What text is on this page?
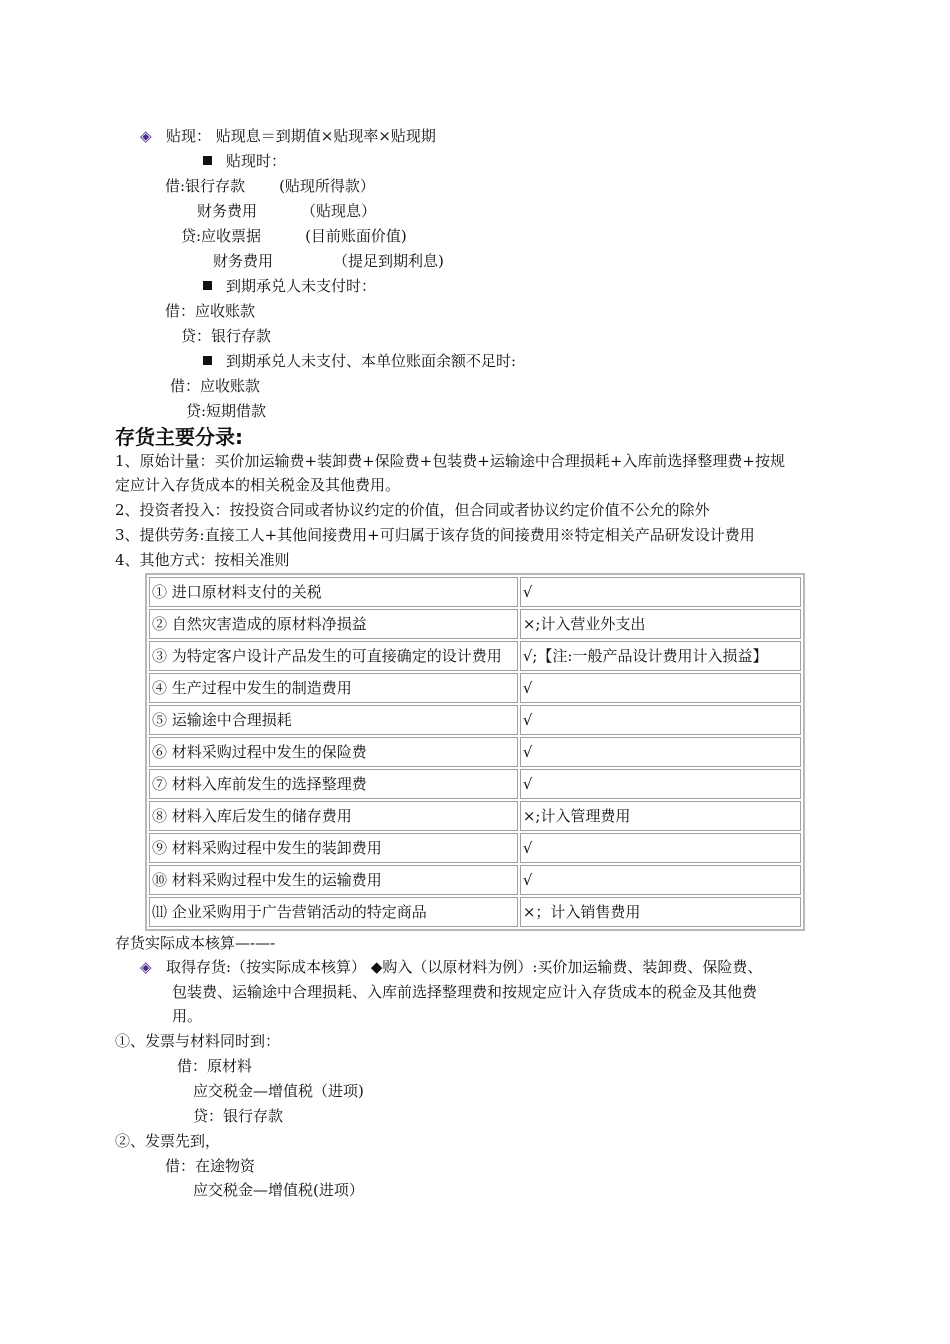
◈ 贴现： 贴现息＝到期值×贴现率×贴现期
贴现时：
借:银行存款 (贴现所得款）
财务费用	（贴现息）
贷:应收票据	(目前账面价值)
财务费用	（提足到期利息)
到期承兑人未支付时：
借：应收账款
贷：银行存款
到期承兑人未支付、本单位账面余额不足时:
借：应收账款
贷:短期借款
存货主要分录:
1、原始计量：买价加运输费+装卸费+保险费+包装费+运输途中合理损耗+入库前选择整理费+按规
定应计入存货成本的相关税金及其他费用。
2、投资者投入：按投资合同或者协议约定的价值，但合同或者协议约定价值不公允的除外
3、提供劳务:直接工人+其他间接费用+可归属于该存货的间接费用※特定相关产品研发设计费用
4、其他方式：按相关准则
① 进口原材料支付的关税	√
② 自然灾害造成的原材料净损益	×;计入营业外支出
③ 为特定客户设计产品发生的可直接确定的设计费用	√;【注:一般产品设计费用计入损益】
④ 生产过程中发生的制造费用	√
⑤ 运输途中合理损耗	√
⑥ 材料采购过程中发生的保险费	√
⑦ 材料入库前发生的选择整理费	√
⑧ 材料入库后发生的储存费用	×;计入管理费用
⑨ 材料采购过程中发生的装卸费用	√
⑩ 材料采购过程中发生的运输费用	√
⑾ 企业采购用于广告营销活动的特定商品	×；计入销售费用
存货实际成本核算—-—-
◈ 取得存货:（按实际成本核算） ◆购入（以原材料为例）:买价加运输费、装卸费、保险费、
包装费、运输途中合理损耗、入库前选择整理费和按规定应计入存货成本的税金及其他费
用。
①、发票与材料同时到：
借：原材料
应交税金—增值税（进项)
贷：银行存款
②、发票先到，
借：在途物资
应交税金—增值税(进项）
